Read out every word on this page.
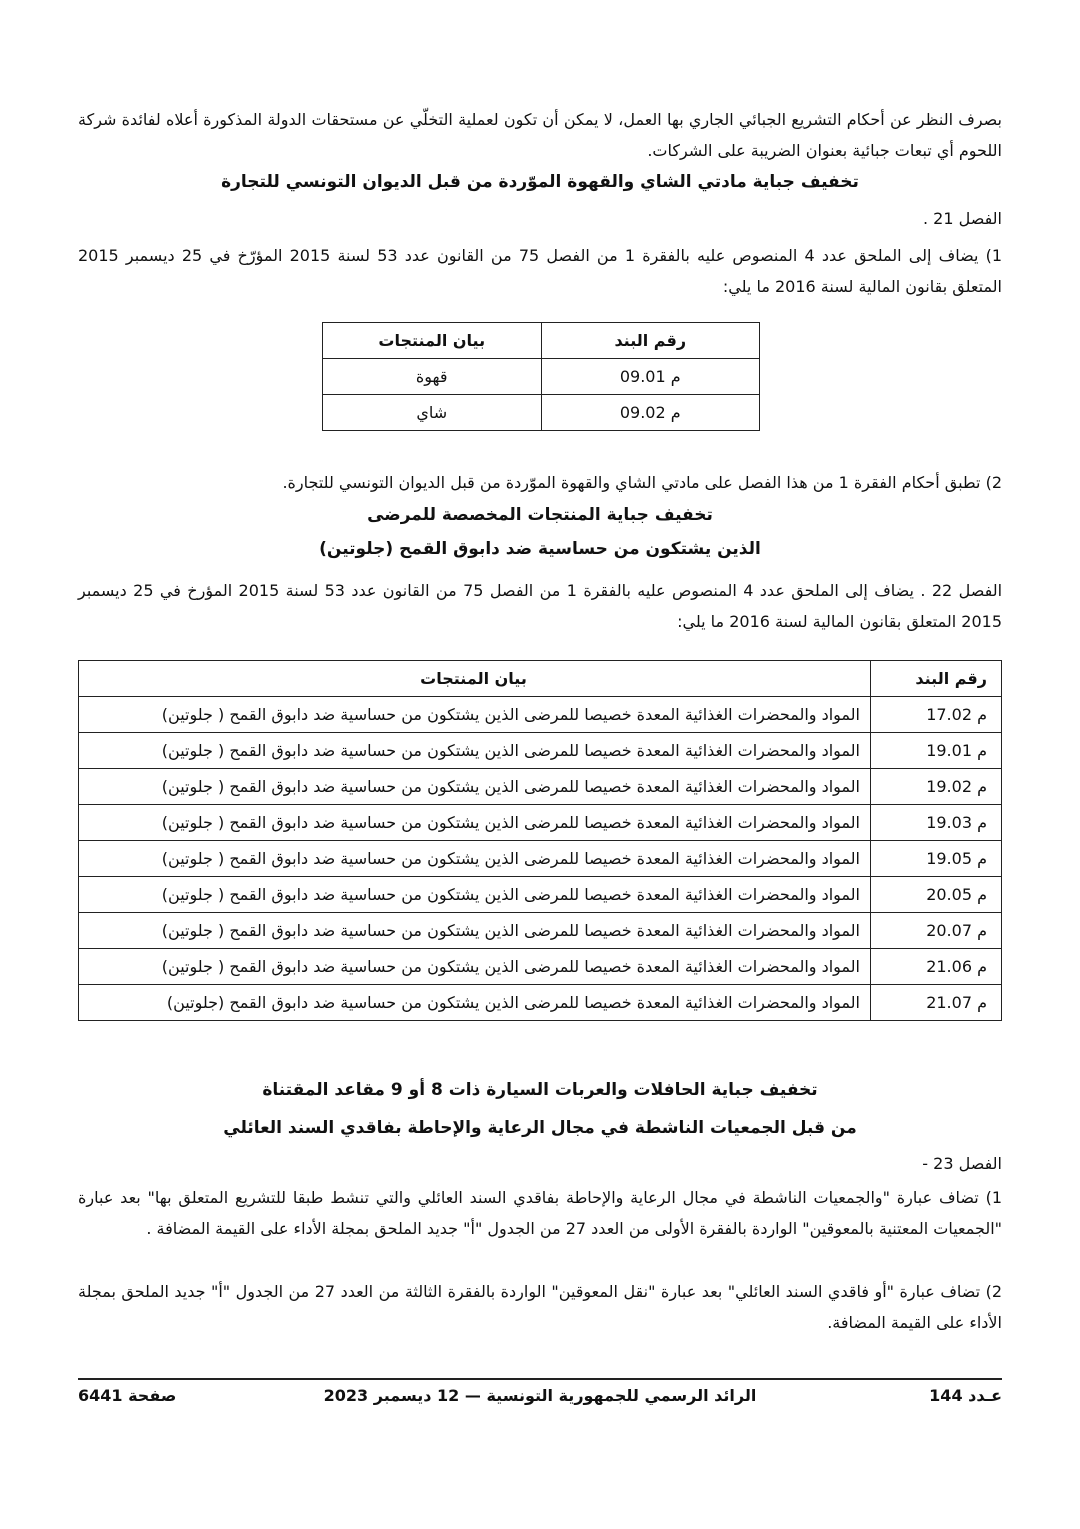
بصرف النظر عن أحكام التشريع الجبائي الجاري بها العمل، لا يمكن أن تكون لعملية التخلّي عن مستحقات الدولة المذكورة أعلاه لفائدة شركة اللحوم أي تبعات جبائية بعنوان الضريبة على الشركات.

تخفيف جباية مادتي الشاي والقهوة الموّردة من قبل الديوان التونسي للتجارة

الفصل 21 .

1) يضاف إلى الملحق عدد 4 المنصوص عليه بالفقرة 1 من الفصل 75 من القانون عدد 53 لسنة 2015 المؤرّخ في 25 ديسمبر 2015 المتعلق بقانون المالية لسنة 2016 ما يلي:

رقم البند	بيان المنتجات
م 09.01	قهوة
م 09.02	شاي

2) تطبق أحكام الفقرة 1 من هذا الفصل على مادتي الشاي والقهوة الموّردة من قبل الديوان التونسي للتجارة.

تخفيف جباية المنتجات المخصصة للمرضى
الذين يشتكون من حساسية ضد دابوق القمح (جلوتين)

الفصل 22 . يضاف إلى الملحق عدد 4 المنصوص عليه بالفقرة 1 من الفصل 75 من القانون عدد 53 لسنة 2015 المؤرخ في 25 ديسمبر 2015 المتعلق بقانون المالية لسنة 2016 ما يلي:

رقم البند	بيان المنتجات
م 17.02	المواد والمحضرات الغذائية المعدة خصيصا للمرضى الذين يشتكون من حساسية ضد دابوق القمح ( جلوتين)
م 19.01	المواد والمحضرات الغذائية المعدة خصيصا للمرضى الذين يشتكون من حساسية ضد دابوق القمح ( جلوتين)
م 19.02	المواد والمحضرات الغذائية المعدة خصيصا للمرضى الذين يشتكون من حساسية ضد دابوق القمح ( جلوتين)
م 19.03	المواد والمحضرات الغذائية المعدة خصيصا للمرضى الذين يشتكون من حساسية ضد دابوق القمح ( جلوتين)
م 19.05	المواد والمحضرات الغذائية المعدة خصيصا للمرضى الذين يشتكون من حساسية ضد دابوق القمح ( جلوتين)
م 20.05	المواد والمحضرات الغذائية المعدة خصيصا للمرضى الذين يشتكون من حساسية ضد دابوق القمح ( جلوتين)
م 20.07	المواد والمحضرات الغذائية المعدة خصيصا للمرضى الذين يشتكون من حساسية ضد دابوق القمح ( جلوتين)
م 21.06	المواد والمحضرات الغذائية المعدة خصيصا للمرضى الذين يشتكون من حساسية ضد دابوق القمح ( جلوتين)
م 21.07	المواد والمحضرات الغذائية المعدة خصيصا للمرضى الذين يشتكون من حساسية ضد دابوق القمح (جلوتين)
تخفيف جباية الحافلات والعربات السيارة ذات 8 أو 9 مقاعد المقتناة
من قبل الجمعيات الناشطة في مجال الرعاية والإحاطة بفاقدي السند العائلي

الفصل 23 -

1) تضاف عبارة "والجمعيات الناشطة في مجال الرعاية والإحاطة بفاقدي السند العائلي والتي تنشط طبقا للتشريع المتعلق بها" بعد عبارة "الجمعيات المعتنية بالمعوقين" الواردة بالفقرة الأولى من العدد 27 من الجدول "أ" جديد الملحق بمجلة الأداء على القيمة المضافة .

2) تضاف عبارة "أو فاقدي السند العائلي" بعد عبارة "نقل المعوقين" الواردة بالفقرة الثالثة من العدد 27 من الجدول "أ" جديد الملحق بمجلة الأداء على القيمة المضافة.

عـدد 144
الرائد الرسمي للجمهورية التونسية — 12 ديسمبر 2023
صفحة 6441
